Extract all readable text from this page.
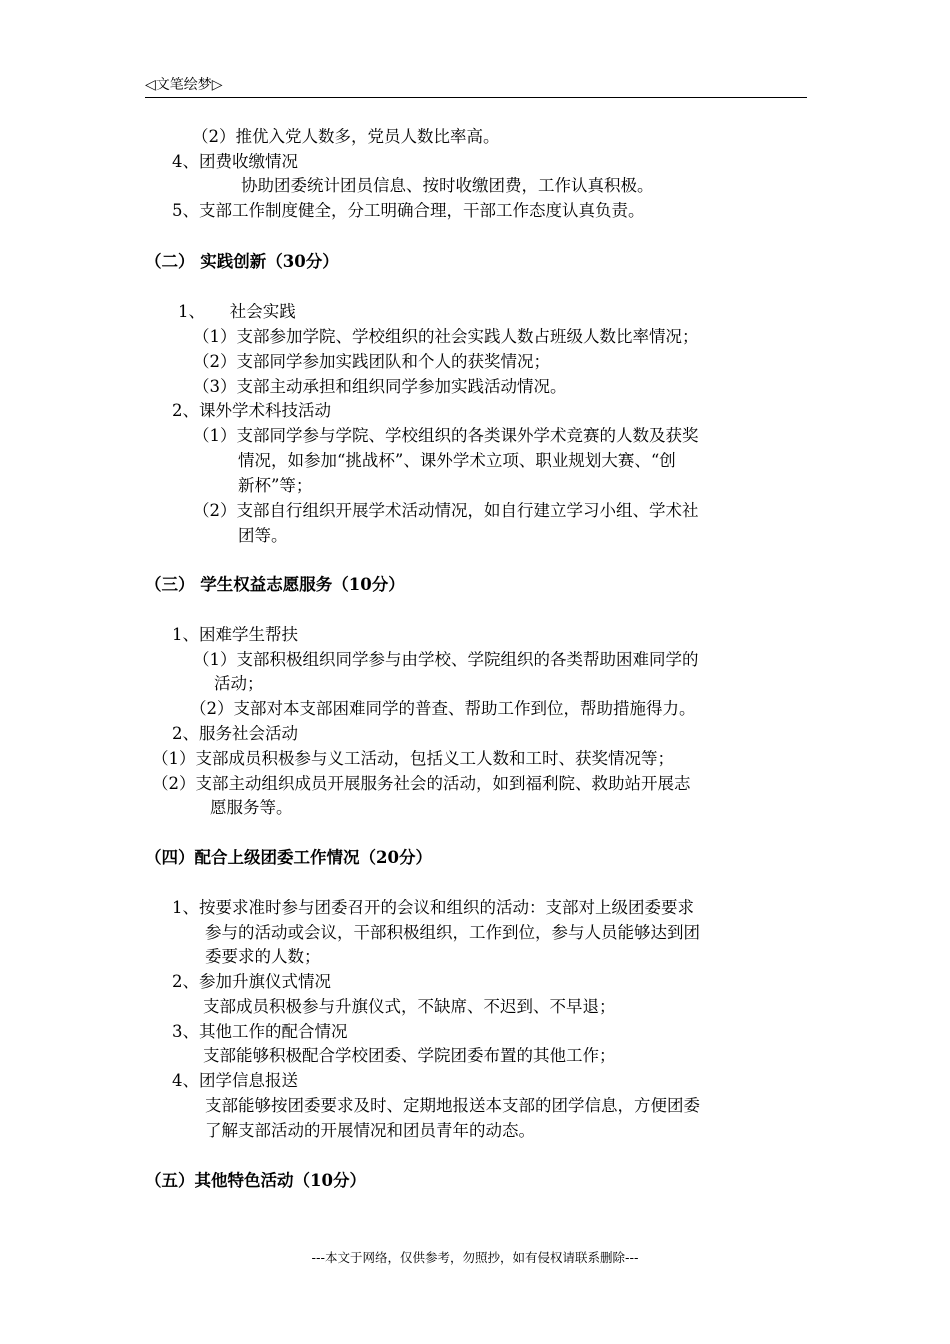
◁文笔绘梦▷
（2）推优入党人数多，党员人数比率高。
4、团费收缴情况
协助团委统计团员信息、按时收缴团费，工作认真积极。
5、支部工作制度健全，分工明确合理，干部工作态度认真负责。
（二） 实践创新（30分）
1、　　社会实践
（1）支部参加学院、学校组织的社会实践人数占班级人数比率情况；
（2）支部同学参加实践团队和个人的获奖情况；
（3）支部主动承担和组织同学参加实践活动情况。
2、课外学术科技活动
（1）支部同学参与学院、学校组织的各类课外学术竞赛的人数及获奖
情况，如参加“挑战杯”、课外学术立项、职业规划大赛、“创
新杯”等；
（2）支部自行组织开展学术活动情况，如自行建立学习小组、学术社
团等。
（三） 学生权益志愿服务（10分）
1、困难学生帮扶
（1）支部积极组织同学参与由学校、学院组织的各类帮助困难同学的
活动；
（2）支部对本支部困难同学的普查、帮助工作到位，帮助措施得力。
2、服务社会活动
（1）支部成员积极参与义工活动，包括义工人数和工时、获奖情况等；
（2）支部主动组织成员开展服务社会的活动，如到福利院、救助站开展志
愿服务等。
（四）配合上级团委工作情况（20分）
1、按要求准时参与团委召开的会议和组织的活动：支部对上级团委要求
参与的活动或会议，干部积极组织，工作到位，参与人员能够达到团
委要求的人数；
2、参加升旗仪式情况
支部成员积极参与升旗仪式，不缺席、不迟到、不早退；
3、其他工作的配合情况
支部能够积极配合学校团委、学院团委布置的其他工作；
4、团学信息报送
支部能够按团委要求及时、定期地报送本支部的团学信息，方便团委
了解支部活动的开展情况和团员青年的动态。
（五）其他特色活动（10分）
---本文于网络，仅供参考，勿照抄，如有侵权请联系删除---
